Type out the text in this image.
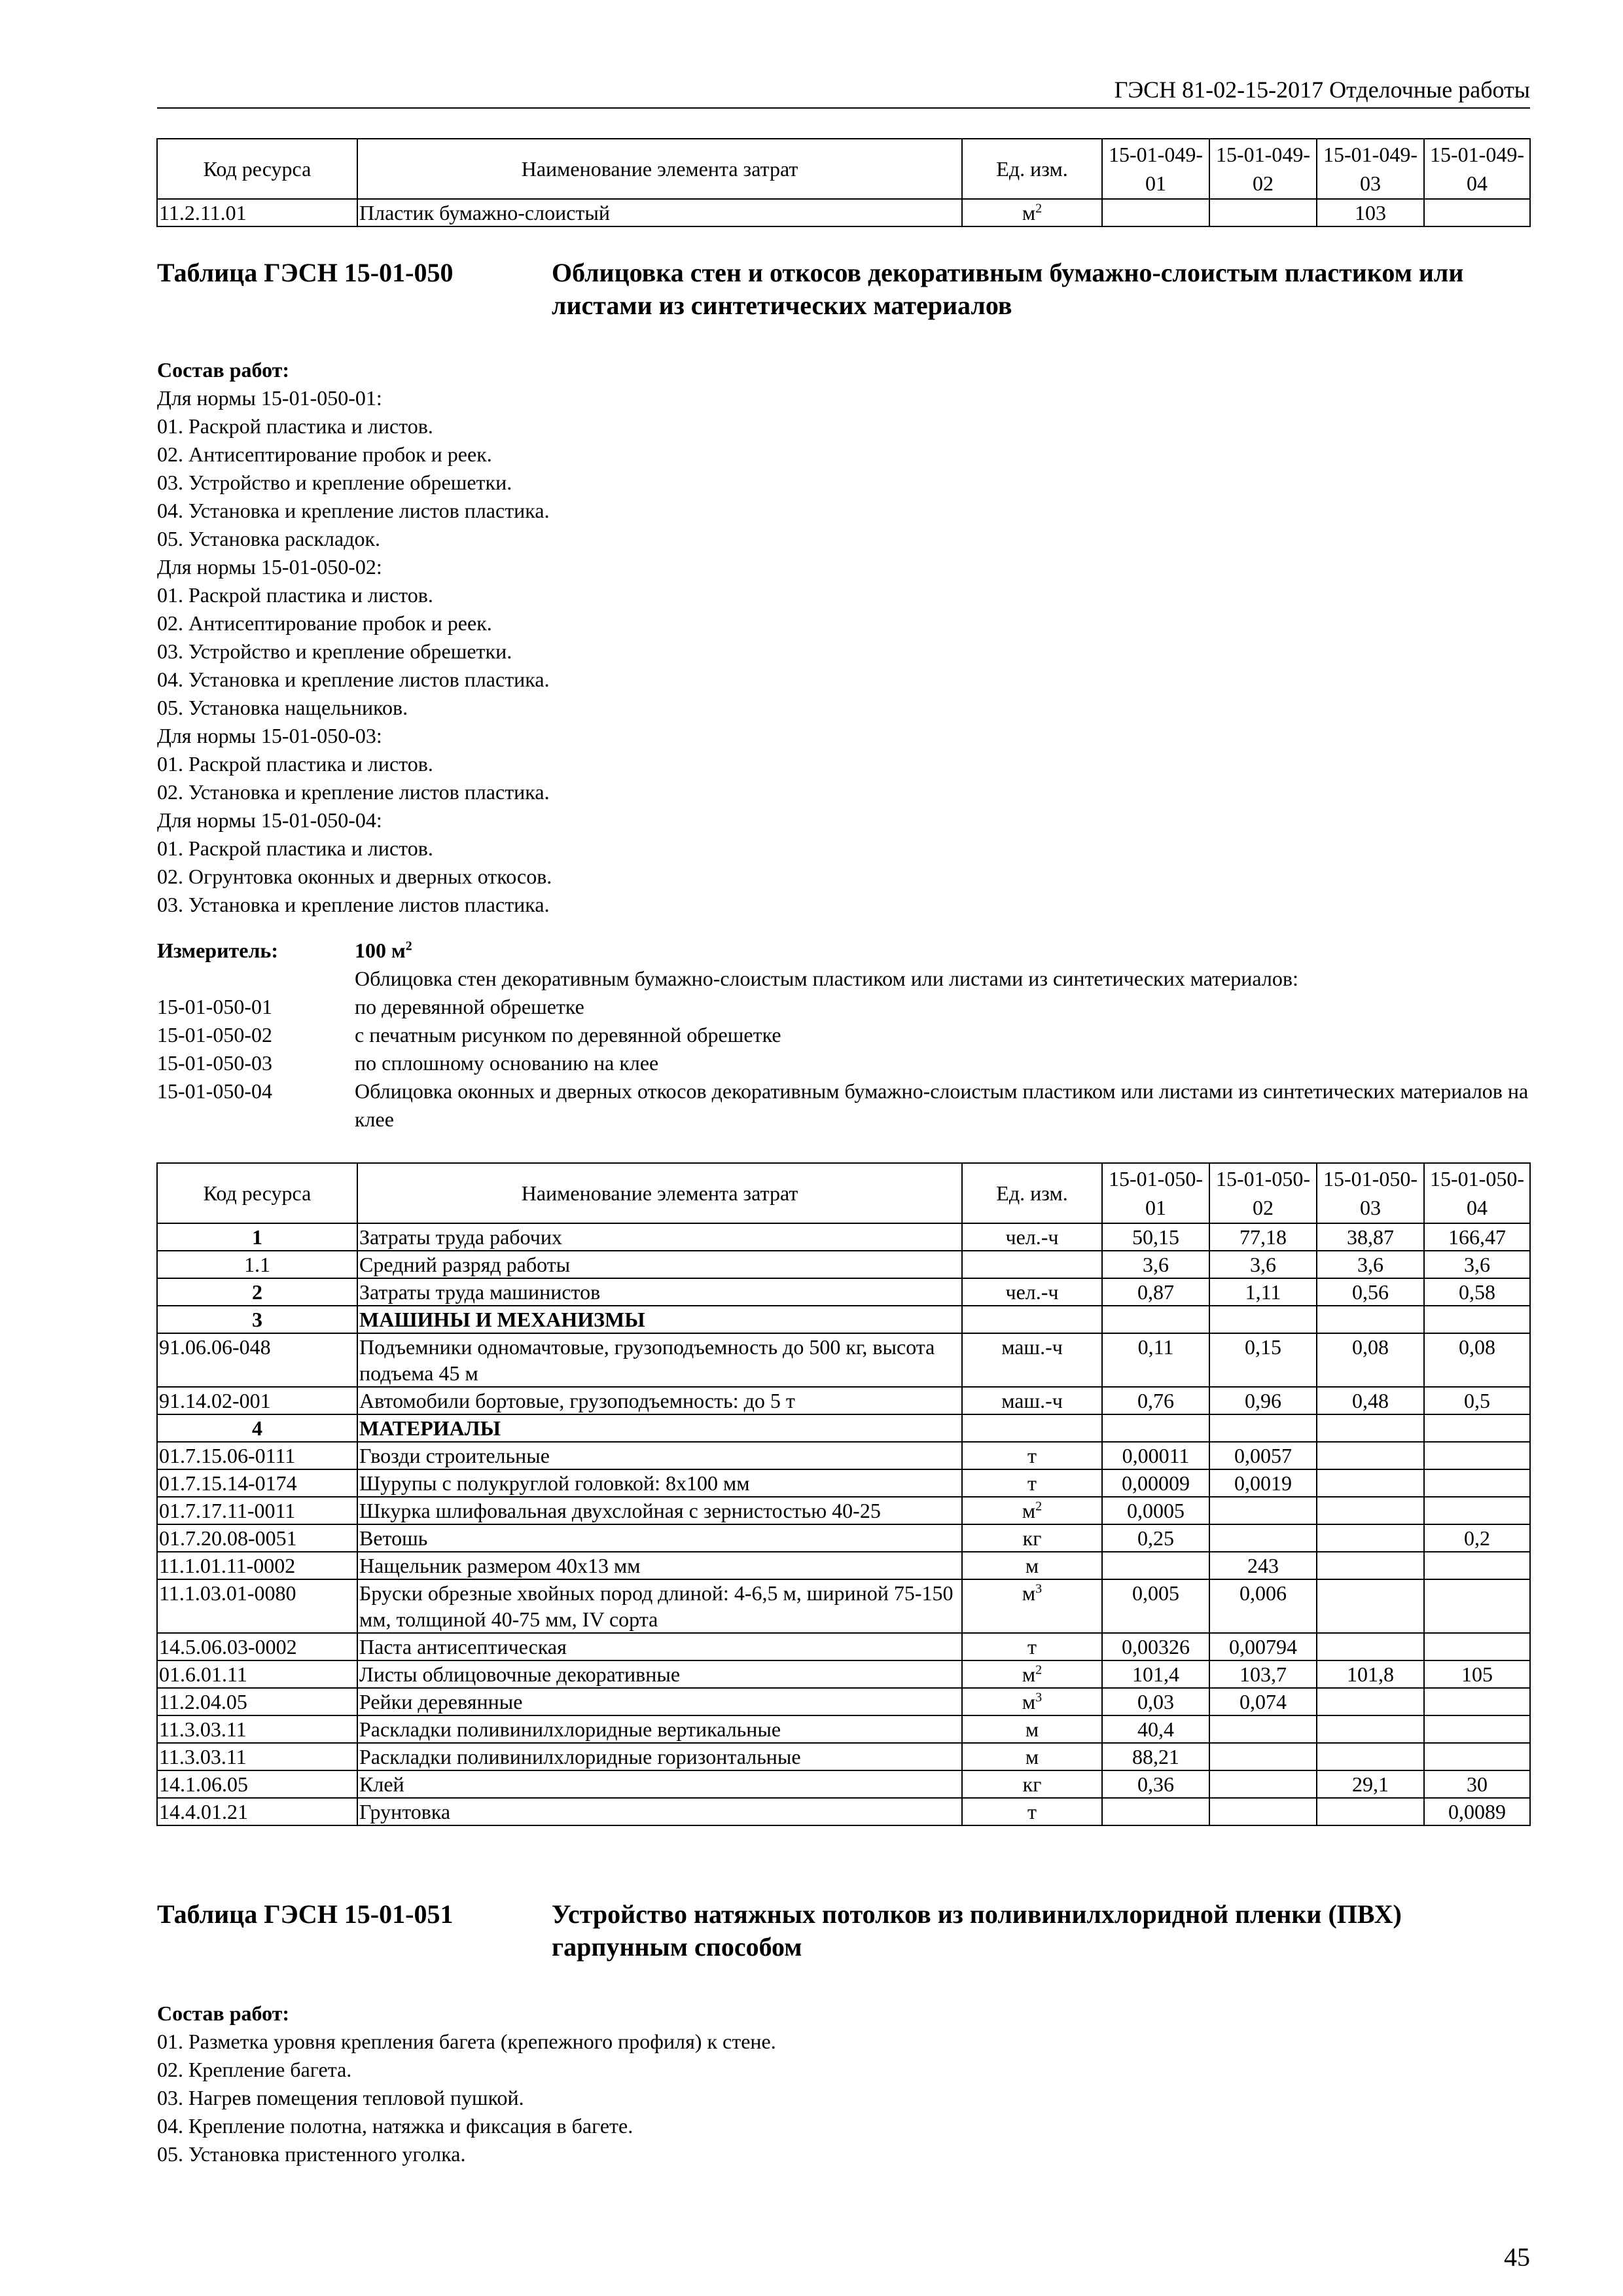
ГЭСН 81-02-15-2017 Отделочные работы
Код ресурса	Наименование элемента затрат	Ед. изм.	15-01-049-01	15-01-049-02	15-01-049-03	15-01-049-04
11.2.11.01	Пластик бумажно-слоистый	$м^2$			103	
Таблица ГЭСН 15-01-050	Облицовка стен и откосов декоративным бумажно-слоистым пластиком или листами из синтетических материалов
Состав работ:
Для нормы 15-01-050-01:
01. Раскрой пластика и листов.
02. Антисептирование пробок и реек.
03. Устройство и крепление обрешетки.
04. Установка и крепление листов пластика.
05. Установка раскладок.
Для нормы 15-01-050-02:
01. Раскрой пластика и листов.
02. Антисептирование пробок и реек.
03. Устройство и крепление обрешетки.
04. Установка и крепление листов пластика.
05. Установка нащельников.
Для нормы 15-01-050-03:
01. Раскрой пластика и листов.
02. Установка и крепление листов пластика.
Для нормы 15-01-050-04:
01. Раскрой пластика и листов.
02. Огрунтовка оконных и дверных откосов.
03. Установка и крепление листов пластика.
Измеритель:	100 $м^2$
Облицовка стен декоративным бумажно-слоистым пластиком или листами из синтетических материалов:
15-01-050-01	по деревянной обрешетке
15-01-050-02	с печатным рисунком по деревянной обрешетке
15-01-050-03	по сплошному основанию на клее
15-01-050-04	Облицовка оконных и дверных откосов декоративным бумажно-слоистым пластиком или листами из синтетических материалов на клее
Код ресурса	Наименование элемента затрат	Ед. изм.	15-01-050-01	15-01-050-02	15-01-050-03	15-01-050-04
1	Затраты труда рабочих	чел.-ч	50,15	77,18	38,87	166,47
1.1	Средний разряд работы		3,6	3,6	3,6	3,6
2	Затраты труда машинистов	чел.-ч	0,87	1,11	0,56	0,58
3	МАШИНЫ И МЕХАНИЗМЫ					
91.06.06-048	Подъемники одномачтовые, грузоподъемность до 500 кг, высота подъема 45 м	маш.-ч	0,11	0,15	0,08	0,08
91.14.02-001	Автомобили бортовые, грузоподъемность: до 5 т	маш.-ч	0,76	0,96	0,48	0,5
4	МАТЕРИАЛЫ					
01.7.15.06-0111	Гвозди строительные	т	0,00011	0,0057		
01.7.15.14-0174	Шурупы с полукруглой головкой: 8х100 мм	т	0,00009	0,0019		
01.7.17.11-0011	Шкурка шлифовальная двухслойная с зернистостью 40-25	$м^2$	0,0005			
01.7.20.08-0051	Ветошь	кг	0,25			0,2
11.1.01.11-0002	Нащельник размером 40х13 мм	м		243		
11.1.03.01-0080	Бруски обрезные хвойных пород длиной: 4-6,5 м, шириной 75-150 мм, толщиной 40-75 мм, IV сорта	$м^3$	0,005	0,006		
14.5.06.03-0002	Паста антисептическая	т	0,00326	0,00794		
01.6.01.11	Листы облицовочные декоративные	$м^2$	101,4	103,7	101,8	105
11.2.04.05	Рейки деревянные	$м^3$	0,03	0,074		
11.3.03.11	Раскладки поливинилхлоридные вертикальные	м	40,4			
11.3.03.11	Раскладки поливинилхлоридные горизонтальные	м	88,21			
14.1.06.05	Клей	кг	0,36		29,1	30
14.4.01.21	Грунтовка	т				0,0089
Таблица ГЭСН 15-01-051	Устройство натяжных потолков из поливинилхлоридной пленки (ПВХ) гарпунным способом
Состав работ:
01. Разметка уровня крепления багета (крепежного профиля) к стене.
02. Крепление багета.
03. Нагрев помещения тепловой пушкой.
04. Крепление полотна, натяжка и фиксация в багете.
05. Установка пристенного уголка.
45
